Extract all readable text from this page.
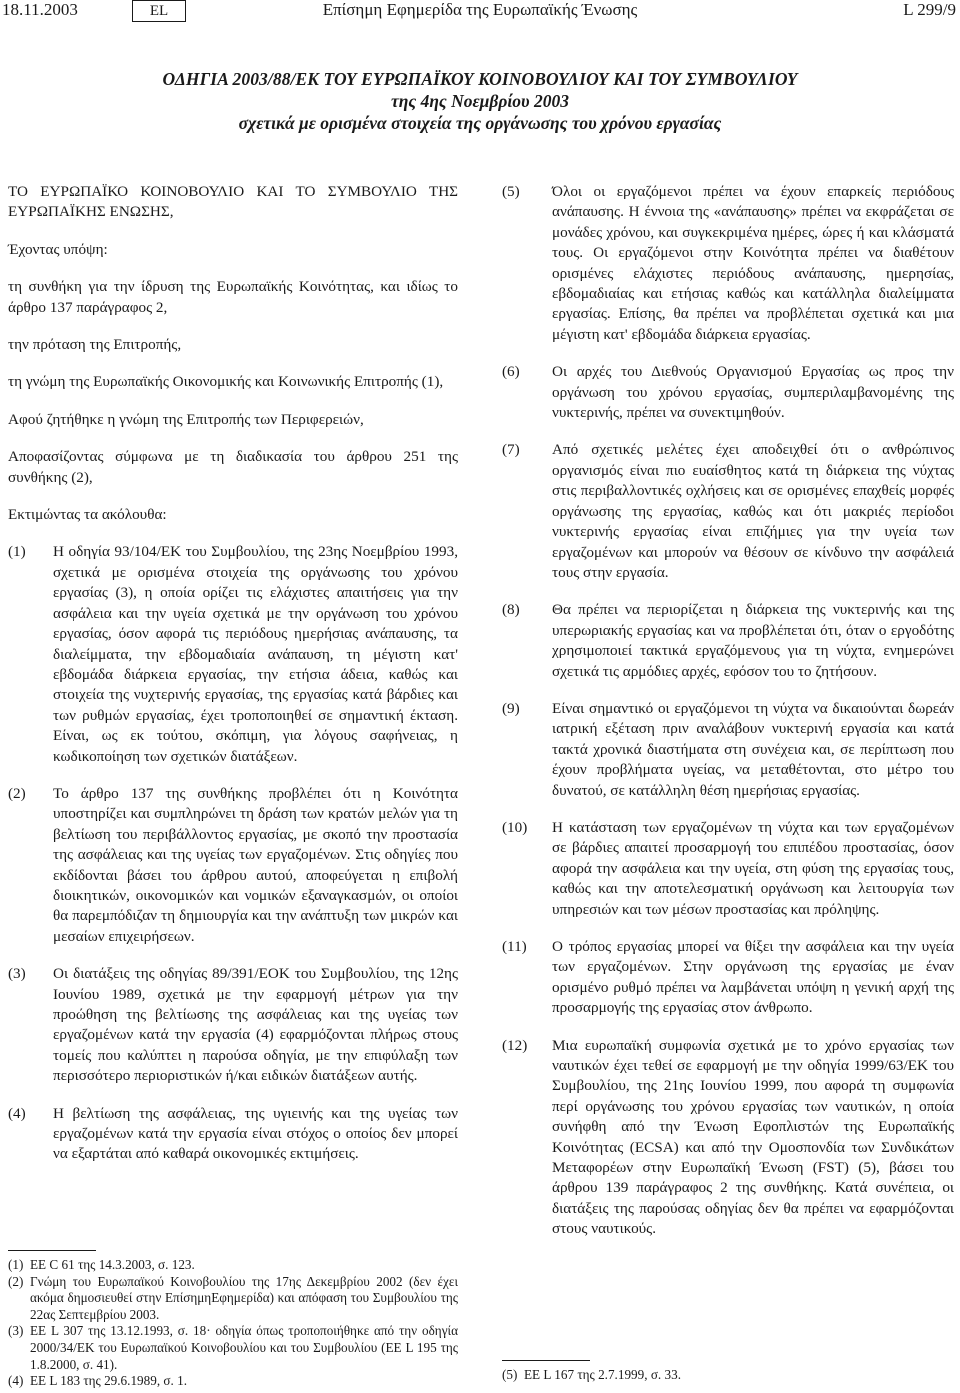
18.11.2003	EL	Επίσημη Εφημερίδα της Ευρωπαϊκής Ένωσης	L 299/9
ΟΔΗΓΙΑ 2003/88/ΕΚ ΤΟΥ ΕΥΡΩΠΑΪΚΟΥ ΚΟΙΝΟΒΟΥΛΙΟΥ ΚΑΙ ΤΟΥ ΣΥΜΒΟΥΛΙΟΥ
της 4ης Νοεμβρίου 2003
σχετικά με ορισμένα στοιχεία της οργάνωσης του χρόνου εργασίας

ΤΟ ΕΥΡΩΠΑΪΚΟ ΚΟΙΝΟΒΟΥΛΙΟ ΚΑΙ ΤΟ ΣΥΜΒΟΥΛΙΟ ΤΗΣ ΕΥΡΩΠΑΪΚΗΣ ΕΝΩΣΗΣ,

Έχοντας υπόψη:

τη συνθήκη για την ίδρυση της Ευρωπαϊκής Κοινότητας, και ιδίως το άρθρο 137 παράγραφος 2,

την πρόταση της Επιτροπής,

τη γνώμη της Ευρωπαϊκής Οικονομικής και Κοινωνικής Επιτροπής (1),

Αφού ζητήθηκε η γνώμη της Επιτροπής των Περιφερειών,

Αποφασίζοντας σύμφωνα με τη διαδικασία του άρθρου 251 της συνθήκης (2),

Εκτιμώντας τα ακόλουθα:

(1)	Η οδηγία 93/104/ΕΚ του Συμβουλίου, της 23ης Νοεμβρίου 1993, σχετικά με ορισμένα στοιχεία της οργάνωσης του χρόνου εργασίας (3), η οποία ορίζει τις ελάχιστες απαιτήσεις για την ασφάλεια και την υγεία σχετικά με την οργάνωση του χρόνου εργασίας, όσον αφορά τις περιόδους ημερήσιας ανάπαυσης, τα διαλείμματα, την εβδομαδιαία ανάπαυση, τη μέγιστη κατ' εβδομάδα διάρκεια εργασίας, την ετήσια άδεια, καθώς και στοιχεία της νυχτερινής εργασίας, της εργασίας κατά βάρδιες και των ρυθμών εργασίας, έχει τροποποιηθεί σε σημαντική έκταση. Είναι, ως εκ τούτου, σκόπιμη, για λόγους σαφήνειας, η κωδικοποίηση των σχετικών διατάξεων.
(2)	Το άρθρο 137 της συνθήκης προβλέπει ότι η Κοινότητα υποστηρίζει και συμπληρώνει τη δράση των κρατών μελών για τη βελτίωση του περιβάλλοντος εργασίας, με σκοπό την προστασία της ασφάλειας και της υγείας των εργαζομένων. Στις οδηγίες που εκδίδονται βάσει του άρθρου αυτού, αποφεύγεται η επιβολή διοικητικών, οικονομικών και νομικών εξαναγκασμών, οι οποίοι θα παρεμπόδιζαν τη δημιουργία και την ανάπτυξη των μικρών και μεσαίων επιχειρήσεων.
(3)	Οι διατάξεις της οδηγίας 89/391/ΕΟΚ του Συμβουλίου, της 12ης Ιουνίου 1989, σχετικά με την εφαρμογή μέτρων για την προώθηση της βελτίωσης της ασφάλειας και της υγείας των εργαζομένων κατά την εργασία (4) εφαρμόζονται πλήρως στους τομείς που καλύπτει η παρούσα οδηγία, με την επιφύλαξη των περισσότερο περιοριστικών ή/και ειδικών διατάξεων αυτής.
(4)	Η βελτίωση της ασφάλειας, της υγιεινής και της υγείας των εργαζομένων κατά την εργασία είναι στόχος ο οποίος δεν μπορεί να εξαρτάται από καθαρά οικονομικές εκτιμήσεις.
(1) ΕΕ C 61 της 14.3.2003, σ. 123.
(2) Γνώμη του Ευρωπαϊκού Κοινοβουλίου της 17ης Δεκεμβρίου 2002 (δεν έχει ακόμα δημοσιευθεί στην ΕπίσημηΕφημερίδα) και απόφαση του Συμβουλίου της 22ας Σεπτεμβρίου 2003.
(3) ΕΕ L 307 της 13.12.1993, σ. 18· οδηγία όπως τροποποιήθηκε από την οδηγία 2000/34/ΕΚ του Ευρωπαϊκού Κοινοβουλίου και του Συμβουλίου (ΕΕ L 195 της 1.8.2000, σ. 41).
(4) ΕΕ L 183 της 29.6.1989, σ. 1.
(5)	Όλοι οι εργαζόμενοι πρέπει να έχουν επαρκείς περιόδους ανάπαυσης. Η έννοια της «ανάπαυσης» πρέπει να εκφράζεται σε μονάδες χρόνου, και συγκεκριμένα ημέρες, ώρες ή και κλάσματά τους. Οι εργαζόμενοι στην Κοινότητα πρέπει να διαθέτουν ορισμένες ελάχιστες περιόδους ανάπαυσης, ημερησίας, εβδομαδιαίας και ετήσιας καθώς και κατάλληλα διαλείμματα εργασίας. Επίσης, θα πρέπει να προβλέπεται σχετικά και μια μέγιστη κατ' εβδομάδα διάρκεια εργασίας.
(6)	Οι αρχές του Διεθνούς Οργανισμού Εργασίας ως προς την οργάνωση του χρόνου εργασίας, συμπεριλαμβανομένης της νυκτερινής, πρέπει να συνεκτιμηθούν.
(7)	Από σχετικές μελέτες έχει αποδειχθεί ότι ο ανθρώπινος οργανισμός είναι πιο ευαίσθητος κατά τη διάρκεια της νύχτας στις περιβαλλοντικές οχλήσεις και σε ορισμένες επαχθείς μορφές οργάνωσης της εργασίας, καθώς και ότι μακριές περίοδοι νυκτερινής εργασίας είναι επιζήμιες για την υγεία των εργαζομένων και μπορούν να θέσουν σε κίνδυνο την ασφάλειά τους στην εργασία.
(8)	Θα πρέπει να περιορίζεται η διάρκεια της νυκτερινής και της υπερωριακής εργασίας και να προβλέπεται ότι, όταν ο εργοδότης χρησιμοποιεί τακτικά εργαζόμενους για τη νύχτα, ενημερώνει σχετικά τις αρμόδιες αρχές, εφόσον του το ζητήσουν.
(9)	Είναι σημαντικό οι εργαζόμενοι τη νύχτα να δικαιούνται δωρεάν ιατρική εξέταση πριν αναλάβουν νυκτερινή εργασία και κατά τακτά χρονικά διαστήματα στη συνέχεια και, σε περίπτωση που έχουν προβλήματα υγείας, να μεταθέτονται, στο μέτρο του δυνατού, σε κατάλληλη θέση ημερήσιας εργασίας.
(10)	Η κατάσταση των εργαζομένων τη νύχτα και των εργαζομένων σε βάρδιες απαιτεί προσαρμογή του επιπέδου προστασίας, όσον αφορά την ασφάλεια και την υγεία, στη φύση της εργασίας τους, καθώς και την αποτελεσματική οργάνωση και λειτουργία των υπηρεσιών και των μέσων προστασίας και πρόληψης.
(11)	Ο τρόπος εργασίας μπορεί να θίξει την ασφάλεια και την υγεία των εργαζομένων. Στην οργάνωση της εργασίας με έναν ορισμένο ρυθμό πρέπει να λαμβάνεται υπόψη η γενική αρχή της προσαρμογής της εργασίας στον άνθρωπο.
(12)	Μια ευρωπαϊκή συμφωνία σχετικά με το χρόνο εργασίας των ναυτικών έχει τεθεί σε εφαρμογή με την οδηγία 1999/63/ΕΚ του Συμβουλίου, της 21ης Ιουνίου 1999, που αφορά τη συμφωνία περί οργάνωσης του χρόνου εργασίας των ναυτικών, η οποία συνήφθη από την Ένωση Εφοπλιστών της Ευρωπαϊκής Κοινότητας (ECSA) και από την Ομοσπονδία των Συνδικάτων Μεταφορέων στην Ευρωπαϊκή Ένωση (FST) (5), βάσει του άρθρου 139 παράγραφος 2 της συνθήκης. Κατά συνέπεια, οι διατάξεις της παρούσας οδηγίας δεν θα πρέπει να εφαρμόζονται στους ναυτικούς.
(5) ΕΕ L 167 της 2.7.1999, σ. 33.
